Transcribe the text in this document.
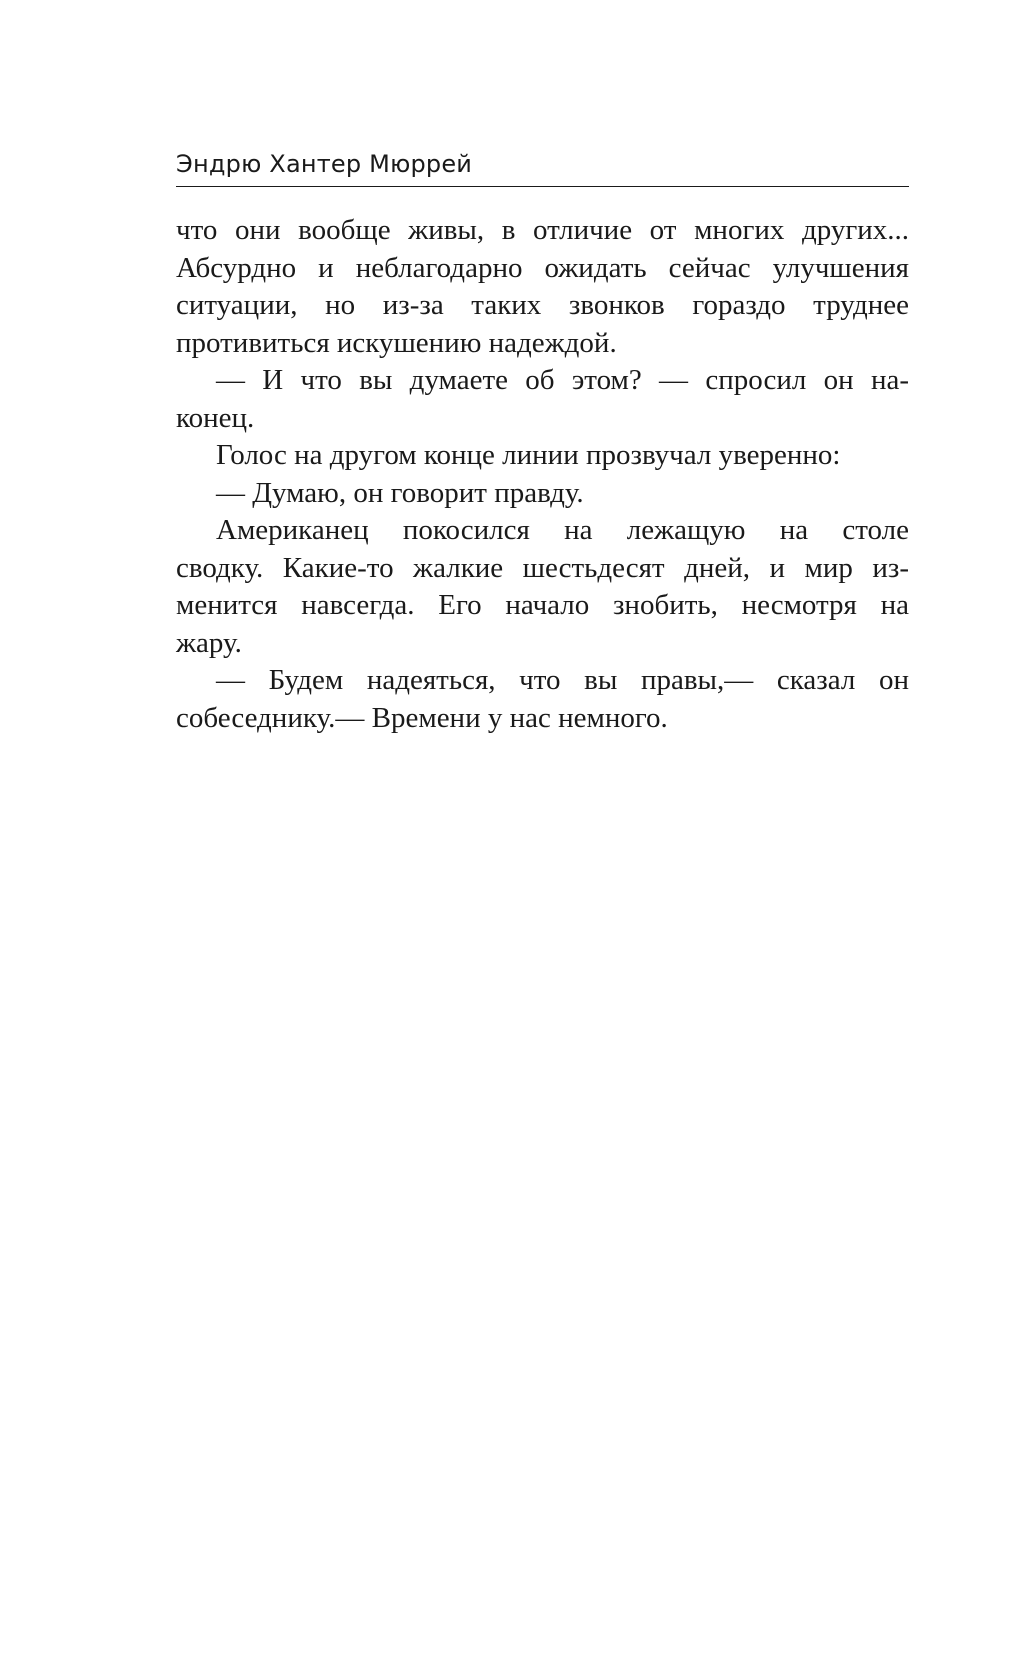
Эндрю Хантер Мюррей
что они вообще живы, в отличие от многих других...
Абсурдно и неблагодарно ожидать сейчас улучшения
ситуации, но из-за таких звонков гораздо труднее
противиться искушению надеждой.
— И что вы думаете об этом? — спросил он на-
конец.
Голос на другом конце линии прозвучал уверенно:
— Думаю, он говорит правду.
Американец покосился на лежащую на столе
сводку. Какие-то жалкие шестьдесят дней, и мир из-
менится навсегда. Его начало знобить, несмотря на
жару.
— Будем надеяться, что вы правы,— сказал он
собеседнику.— Времени у нас немного.
